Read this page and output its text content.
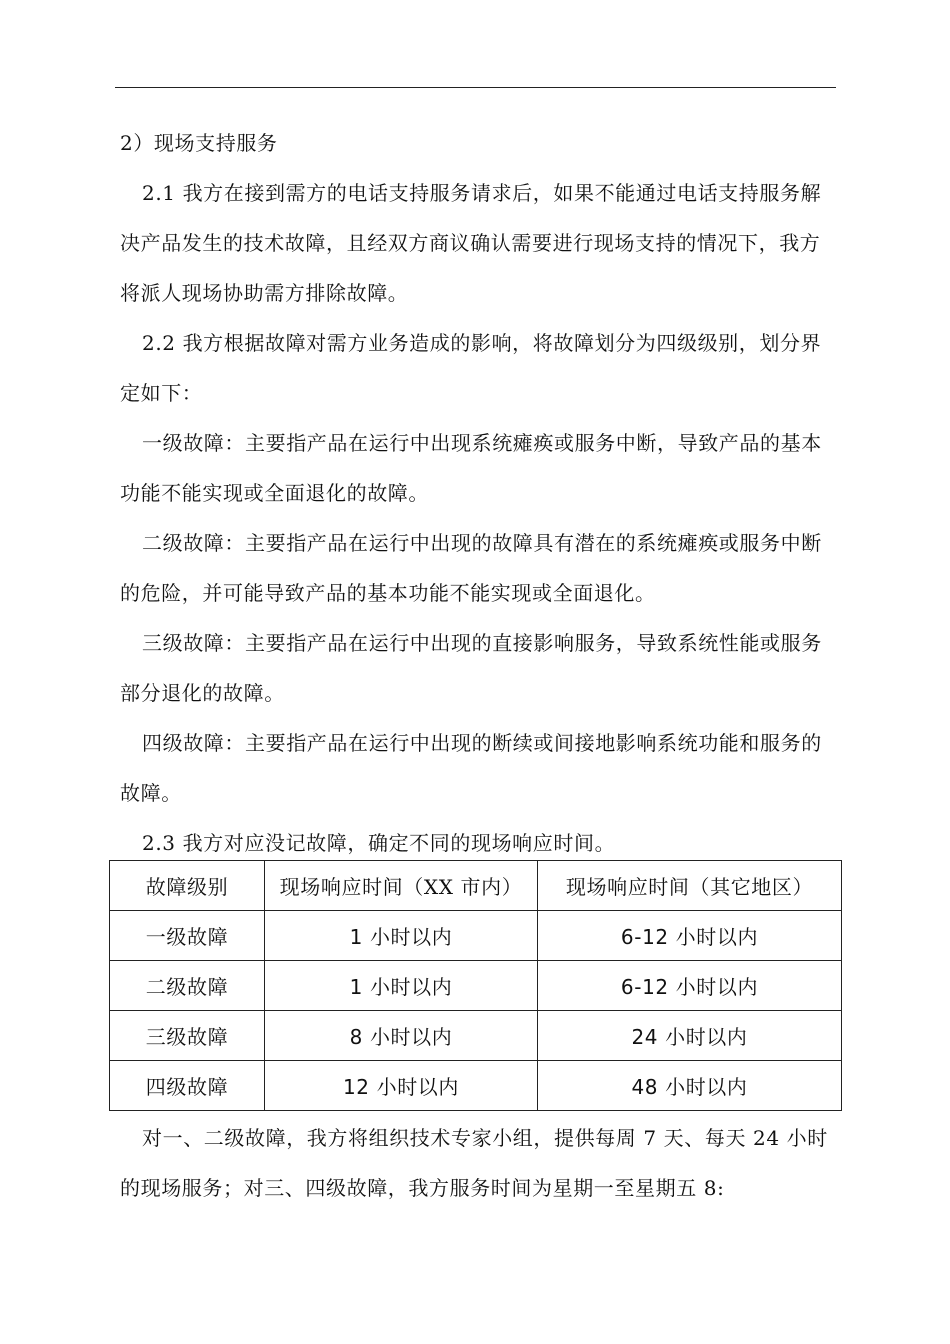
2）现场支持服务

2.1 我方在接到需方的电话支持服务请求后，如果不能通过电话支持服务解决产品发生的技术故障，且经双方商议确认需要进行现场支持的情况下，我方将派人现场协助需方排除故障。

2.2 我方根据故障对需方业务造成的影响，将故障划分为四级级别，划分界定如下：

一级故障：主要指产品在运行中出现系统瘫痪或服务中断，导致产品的基本功能不能实现或全面退化的故障。

二级故障：主要指产品在运行中出现的故障具有潜在的系统瘫痪或服务中断的危险，并可能导致产品的基本功能不能实现或全面退化。

三级故障：主要指产品在运行中出现的直接影响服务，导致系统性能或服务部分退化的故障。

四级故障：主要指产品在运行中出现的断续或间接地影响系统功能和服务的故障。

2.3 我方对应没记故障，确定不同的现场响应时间。

故障级别	现场响应时间（XX 市内）	现场响应时间（其它地区）
一级故障	1 小时以内	6-12 小时以内
二级故障	1 小时以内	6-12 小时以内
三级故障	8 小时以内	24 小时以内
四级故障	12 小时以内	48 小时以内

对一、二级故障，我方将组织技术专家小组，提供每周 7 天、每天 24 小时的现场服务；对三、四级故障，我方服务时间为星期一至星期五 8:
